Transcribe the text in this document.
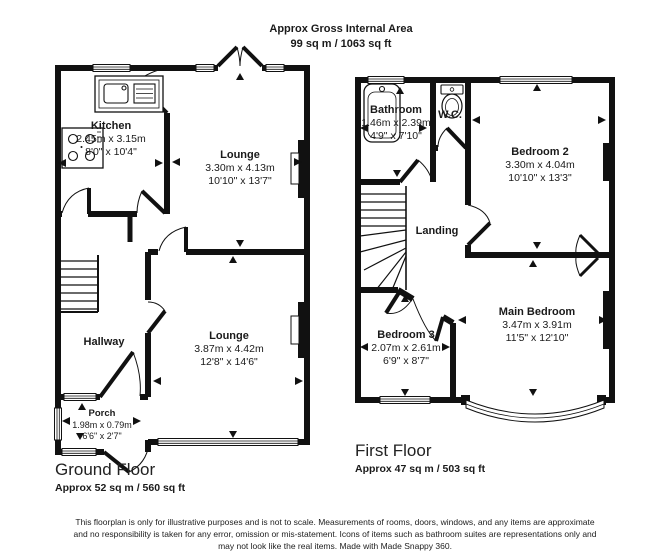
Approx Gross Internal Area
99 sq m / 1063 sq ft
Kitchen
2.45m x 3.15m
8'0" x 10'4"	Lounge
3.30m x 4.13m
10'10" x 13'7"
Lounge
3.87m x 4.42m
12'8" x 14'6"
Hallway
Porch
1.98m x 0.79m
6'6" x 2'7"
Bathroom
1.46m x 2.39m
4'9" x 7'10"
W.C.
Bedroom 2
3.30m x 4.04m
10'10" x 13'3"
Landing
Bedroom 3
2.07m x 2.61m
6'9" x 8'7"
Main Bedroom
3.47m x 3.91m
11'5" x 12'10"
Ground Floor
Approx 52 sq m / 560 sq ft
First Floor
Approx 47 sq m / 503 sq ft
This floorplan is only for illustrative purposes and is not to scale. Measurements of rooms, doors, windows, and any items are approximate
and no responsibility is taken for any error, omission or mis-statement. Icons of items such as bathroom suites are representations only and
may not look like the real items. Made with Made Snappy 360.
